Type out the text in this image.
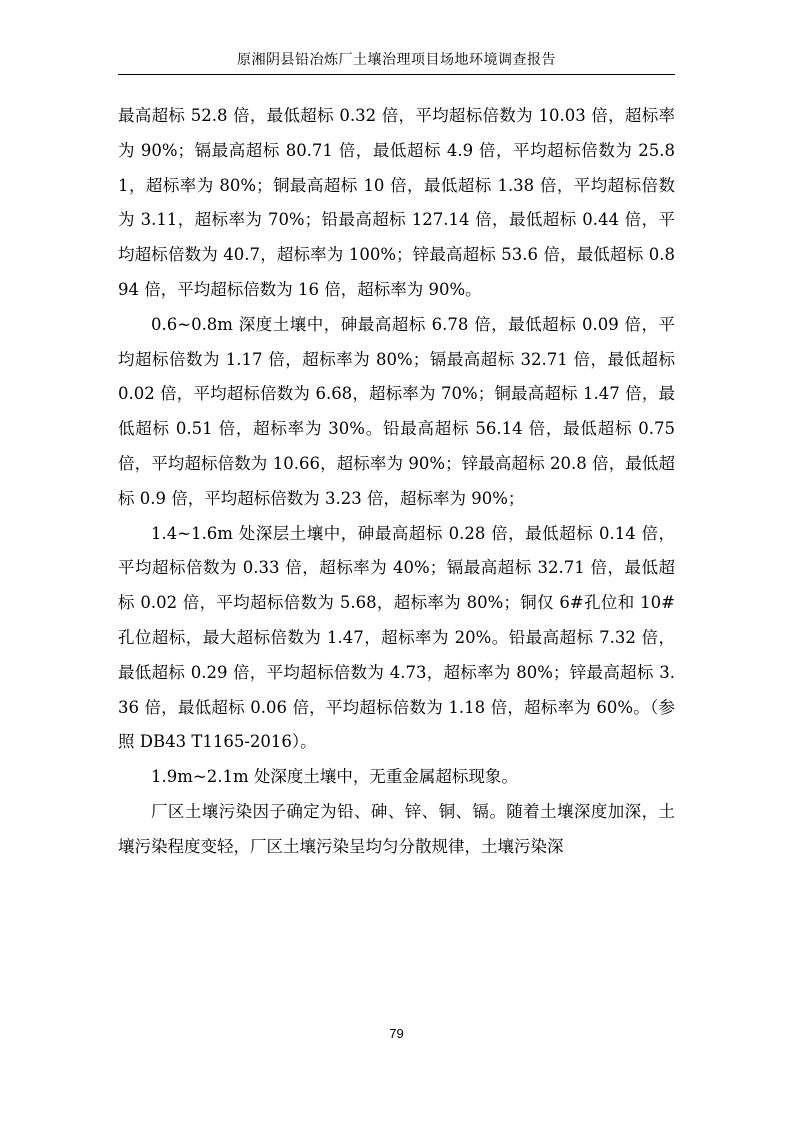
原湘阴县铅冶炼厂土壤治理项目场地环境调查报告

最高超标 52.8 倍，最低超标 0.32 倍，平均超标倍数为 10.03 倍，超标率为 90%；镉最高超标 80.71 倍，最低超标 4.9 倍，平均超标倍数为 25.81，超标率为 80%；铜最高超标 10 倍，最低超标 1.38 倍，平均超标倍数为 3.11，超标率为 70%；铅最高超标 127.14 倍，最低超标 0.44 倍，平均超标倍数为 40.7，超标率为 100%；锌最高超标 53.6 倍，最低超标 0.894 倍，平均超标倍数为 16 倍，超标率为 90%。

0.6~0.8m 深度土壤中，砷最高超标 6.78 倍，最低超标 0.09 倍，平均超标倍数为 1.17 倍，超标率为 80%；镉最高超标 32.71 倍，最低超标 0.02 倍，平均超标倍数为 6.68，超标率为 70%；铜最高超标 1.47 倍，最低超标 0.51 倍，超标率为 30%。铅最高超标 56.14 倍，最低超标 0.75 倍，平均超标倍数为 10.66，超标率为 90%；锌最高超标 20.8 倍，最低超标 0.9 倍，平均超标倍数为 3.23 倍，超标率为 90%；

1.4~1.6m 处深层土壤中，砷最高超标 0.28 倍，最低超标 0.14 倍，平均超标倍数为 0.33 倍，超标率为 40%；镉最高超标 32.71 倍，最低超标 0.02 倍，平均超标倍数为 5.68，超标率为 80%；铜仅 6#孔位和 10#孔位超标，最大超标倍数为 1.47，超标率为 20%。铅最高超标 7.32 倍，最低超标 0.29 倍，平均超标倍数为 4.73，超标率为 80%；锌最高超标 3.36 倍，最低超标 0.06 倍，平均超标倍数为 1.18 倍，超标率为 60%。（参照 DB43 T1165-2016）。

1.9m~2.1m 处深度土壤中，无重金属超标现象。

厂区土壤污染因子确定为铅、砷、锌、铜、镉。随着土壤深度加深，土壤污染程度变轻，厂区土壤污染呈均匀分散规律，土壤污染深

79
